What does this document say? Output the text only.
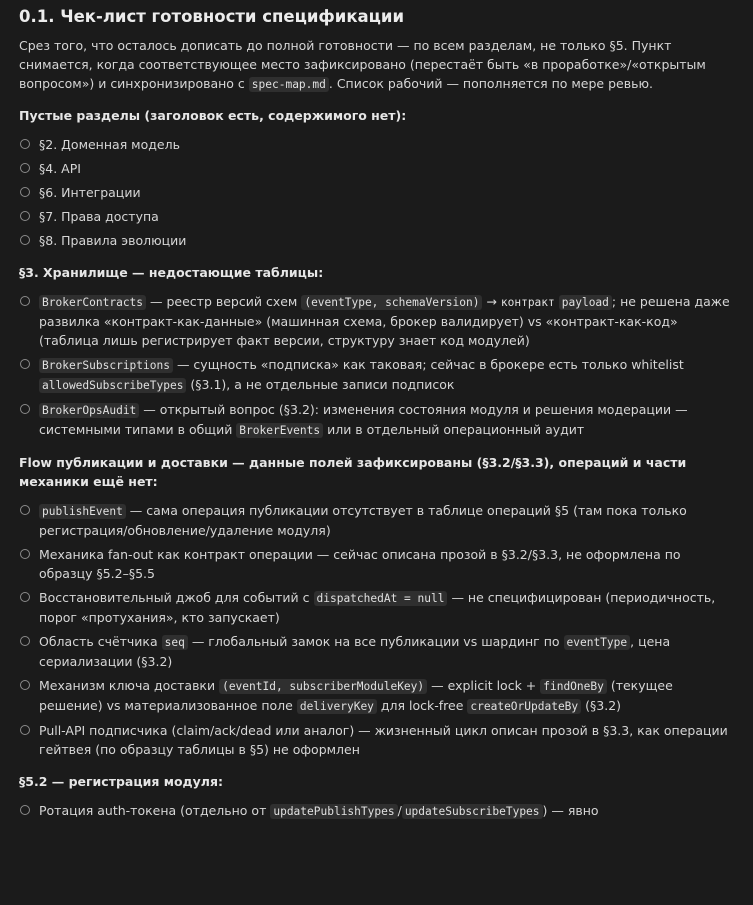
0.1. Чек-лист готовности спецификации

Срез того, что осталось дописать до полной готовности — по всем разделам, не только §5. Пункт снимается, когда соответствующее место зафиксировано (перестаёт быть «в проработке»/«открытым вопросом») и синхронизировано с spec-map.md . Список рабочий — пополняется по мере ревью.

Пустые разделы (заголовок есть, содержимого нет):
§2. Доменная модель
§4. API
§6. Интеграции
§7. Права доступа
§8. Правила эволюции
§3. Хранилище — недостающие таблицы:
BrokerContracts — реестр версий схем (eventType, schemaVersion) → контракт payload ; не решена даже развилка «контракт-как-данные» (машинная схема, брокер валидирует) vs «контракт-как-код» (таблица лишь регистрирует факт версии, структуру знает код модулей)
BrokerSubscriptions — сущность «подписка» как таковая; сейчас в брокере есть только whitelist allowedSubscribeTypes (§3.1), а не отдельные записи подписок
BrokerOpsAudit — открытый вопрос (§3.2): изменения состояния модуля и решения модерации — системными типами в общий BrokerEvents или в отдельный операционный аудит
Flow публикации и доставки — данные полей зафиксированы (§3.2/§3.3), операций и части механики ещё нет:
publishEvent — сама операция публикации отсутствует в таблице операций §5 (там пока только регистрация/обновление/удаление модуля)
Механика fan-out как контракт операции — сейчас описана прозой в §3.2/§3.3, не оформлена по образцу §5.2–§5.5
Восстановительный джоб для событий с dispatchedAt = null — не специфицирован (периодичность, порог «протухания», кто запускает)
Область счётчика seq — глобальный замок на все публикации vs шардинг по eventType , цена сериализации (§3.2)
Механизм ключа доставки (eventId, subscriberModuleKey) — explicit lock + findOneBy (текущее решение) vs материализованное поле deliveryKey для lock-free createOrUpdateBy (§3.2)
Pull-API подписчика (claim/ack/dead или аналог) — жизненный цикл описан прозой в §3.3, как операции гейтвея (по образцу таблицы в §5) не оформлен
§5.2 — регистрация модуля:
Ротация auth-токена (отдельно от updatePublishTypes / updateSubscribeTypes ) — явно
